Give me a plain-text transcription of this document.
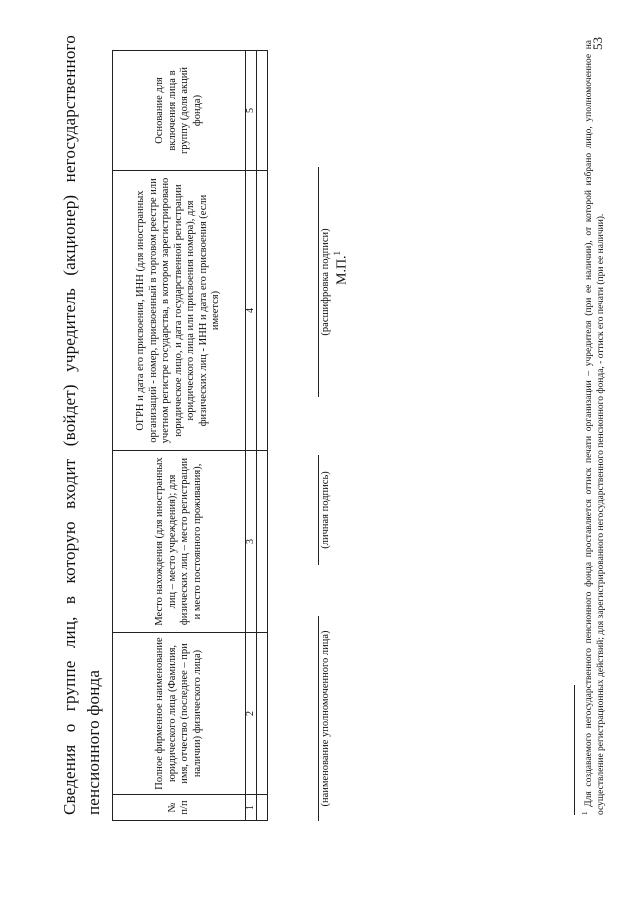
53
Сведения о группе лиц, в которую входит (войдет) учредитель (акционер) негосударственного пенсионного фонда	№ п/п	Полное фирменное наименование юридического лица (Фамилия, имя, отчество (последнее – при наличии) физического лица)	Место нахождения (для иностранных лиц – место учреждения); для физических лиц – место регистрации и место постоянного проживания),	ОГРН и дата его присвоения, ИНН (для иностранных организаций - номер, присвоенный в торговом реестре или учетном регистре государства, в котором зарегистрировано юридическое лицо, и дата государственной регистрации юридического лица или присвоения номера), для физических лиц - ИНН и дата его присвоения (если имеется)	Основание для включения лица в группу (доля акций фонда)
1	2	3	4	5

(наименование уполномоченного лица)
(личная подпись)
(расшифровка подписи) М.П.$^1$
$^1$ Для создаваемого негосударственного пенсионного фонда проставляется оттиск печати организации – учредителя (при ее наличии), от которой избрано лицо, уполномоченное на осуществление регистрационных действий; для зарегистрированного негосударственного пенсионного фонда, - оттиск его печати (при ее наличии).
